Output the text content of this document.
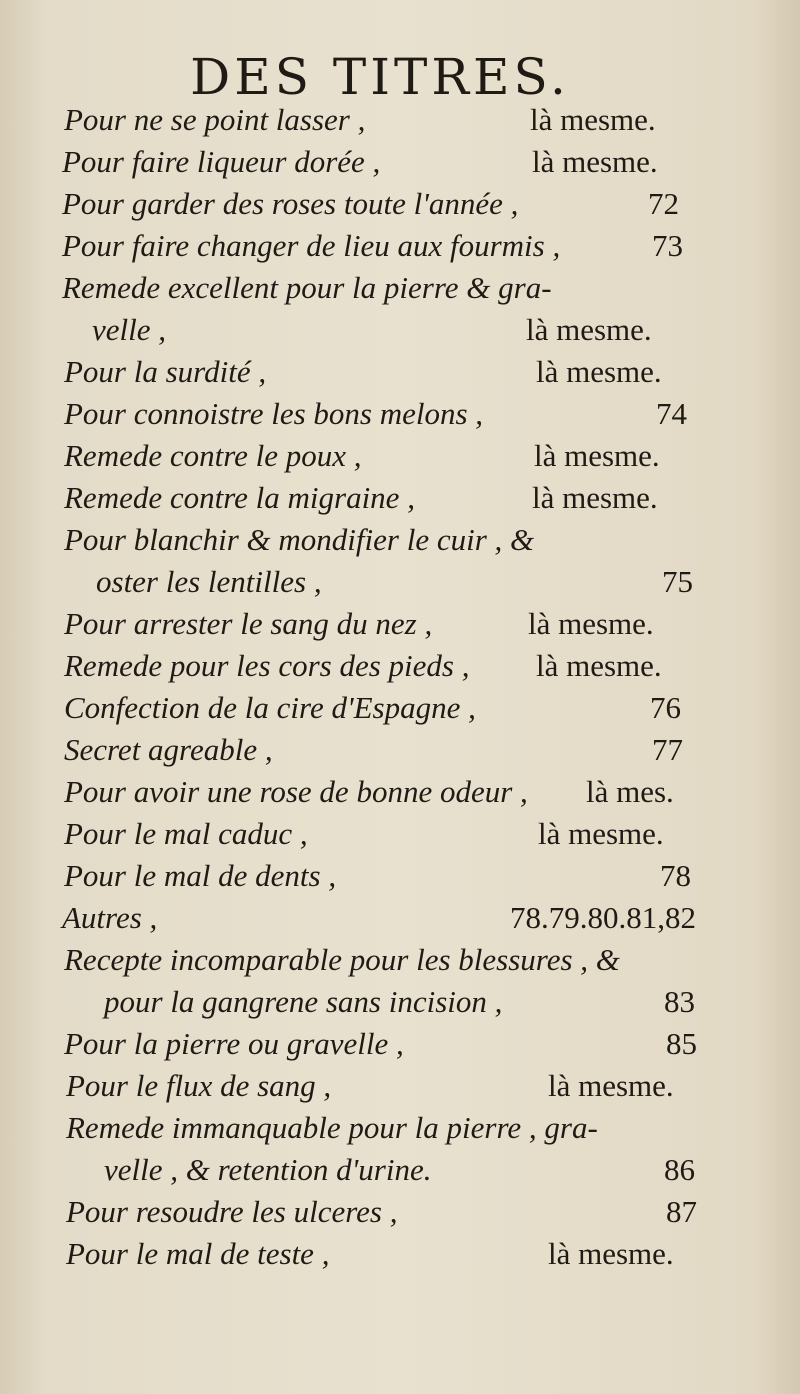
DES TITRES.
Pour ne se point lasser ,	là mesme.
Pour faire liqueur dorée ,	là mesme.
Pour garder des roses toute l'année ,	72
Pour faire changer de lieu aux fourmis ,	73
Remede excellent pour la pierre & gra-
velle ,	là mesme.
Pour la surdité ,	là mesme.
Pour connoistre les bons melons ,	74
Remede contre le poux ,	là mesme.
Remede contre la migraine ,	là mesme.
Pour blanchir & mondifier le cuir , &
oster les lentilles ,	75
Pour arrester le sang du nez ,	là mesme.
Remede pour les cors des pieds , là mesme.
Confection de la cire d'Espagne ,	76
Secret agreable ,	77
Pour avoir une rose de bonne odeur , là mes.
Pour le mal caduc ,	là mesme.
Pour le mal de dents ,	78
Autres ,	78.79.80.81,82
Recepte incomparable pour les blessures , &
pour la gangrene sans incision ,	83
Pour la pierre ou gravelle ,	85
Pour le flux de sang ,	là mesme.
Remede immanquable pour la pierre , gra-
velle , & retention d'urine.	86
Pour resoudre les ulceres ,	87
Pour le mal de teste ,	là mesme.
